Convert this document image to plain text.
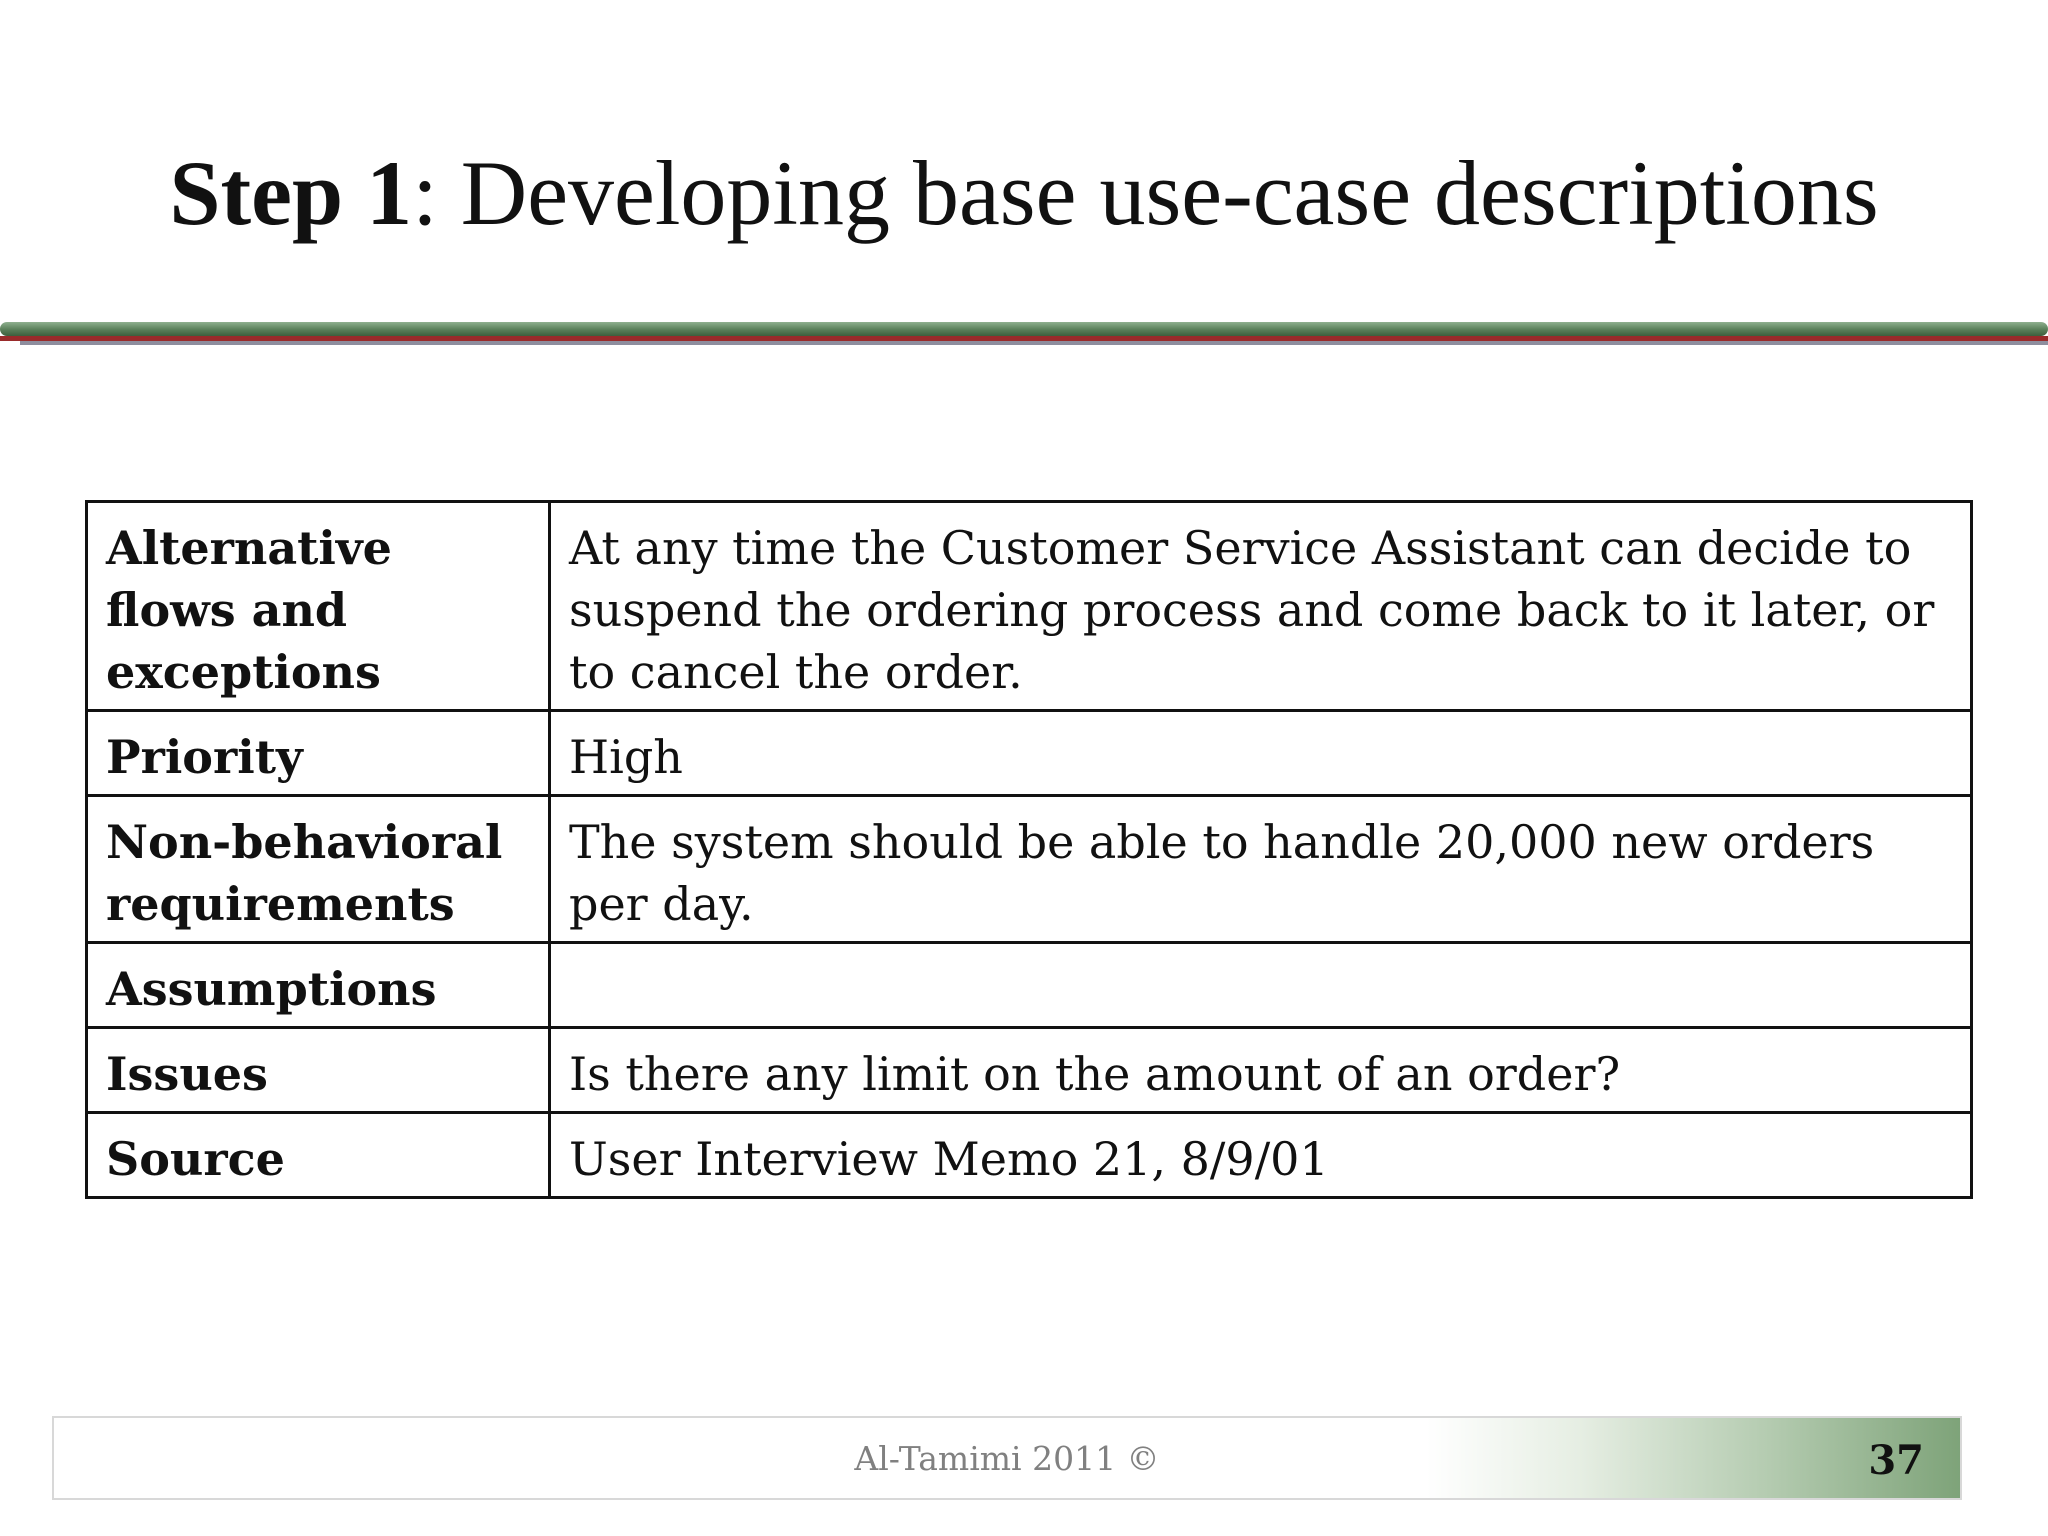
Step 1: Developing base use-case descriptions
Alternative flows and exceptions	At any time the Customer Service Assistant can decide to suspend the ordering process and come back to it later, or to cancel the order.
Priority	High
Non-behavioral requirements	The system should be able to handle 20,000 new orders per day.
Assumptions	
Issues	Is there any limit on the amount of an order?
Source	User Interview Memo 21, 8/9/01
Al-Tamimi 2011 ©	37
